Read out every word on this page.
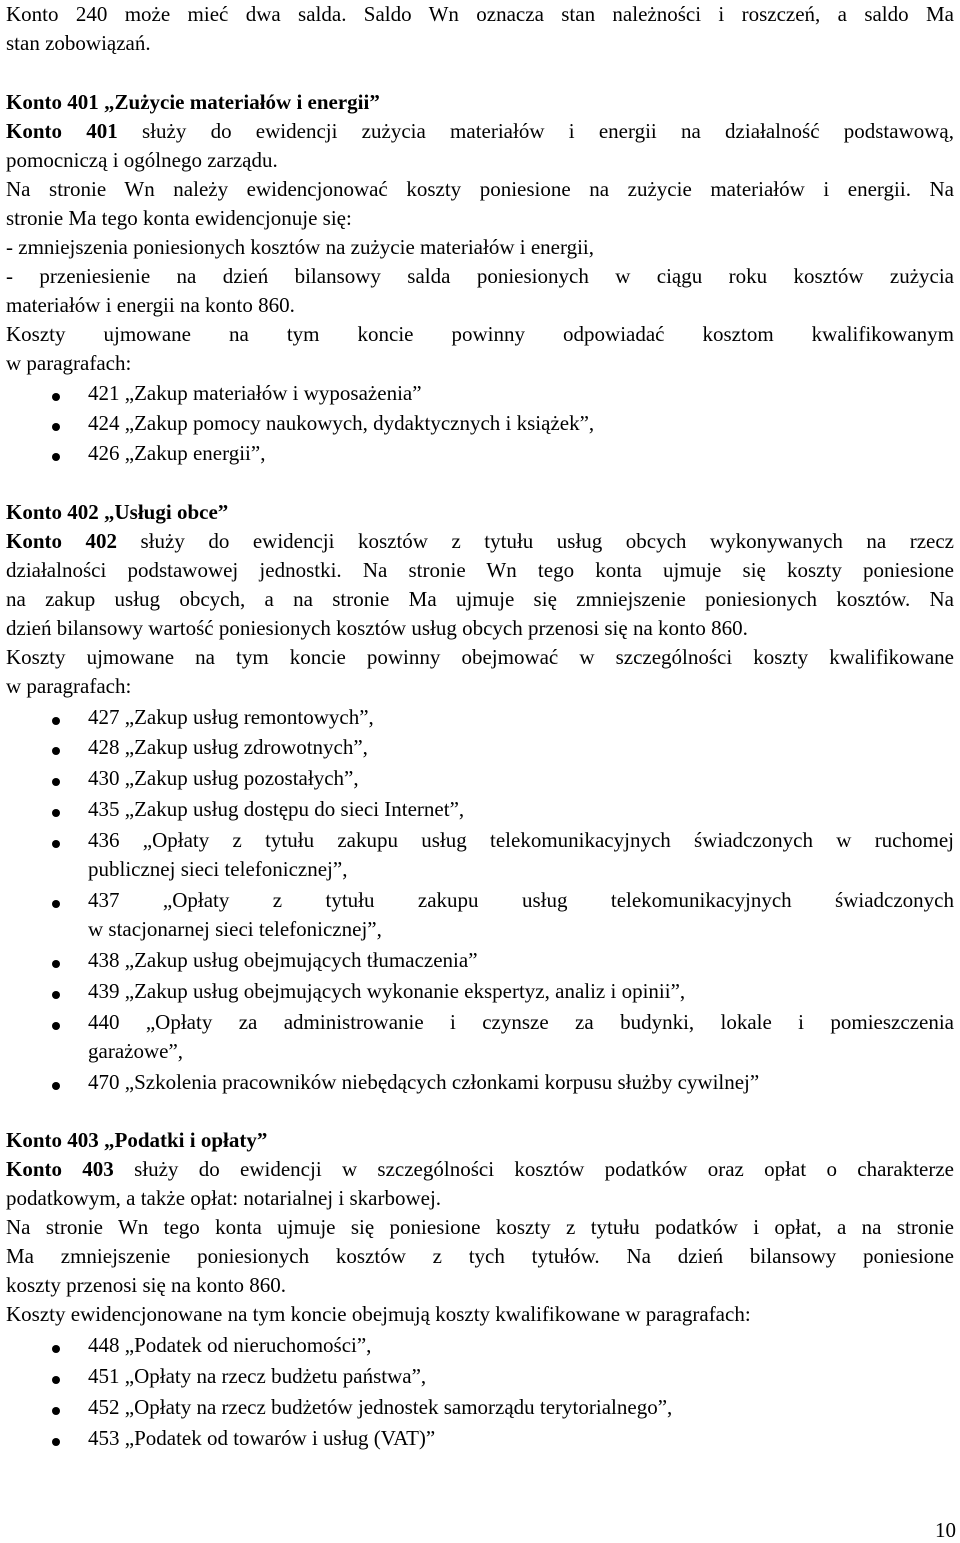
Konto 240 może mieć dwa salda. Saldo Wn oznacza stan należności i roszczeń, a saldo Ma
stan zobowiązań.
Konto 401 „Zużycie materiałów i energii”
Konto 401 służy do ewidencji zużycia materiałów i energii na działalność podstawową,
pomocniczą i ogólnego zarządu.
Na stronie Wn należy ewidencjonować koszty poniesione na zużycie materiałów i energii. Na
stronie Ma tego konta ewidencjonuje się:
- zmniejszenia poniesionych kosztów na zużycie materiałów i energii,
- przeniesienie na dzień bilansowy salda poniesionych w ciągu roku kosztów zużycia
materiałów i energii na konto 860.
Koszty ujmowane na tym koncie powinny odpowiadać kosztom kwalifikowanym
w paragrafach:
421 „Zakup materiałów i wyposażenia”
424 „Zakup pomocy naukowych, dydaktycznych i książek”,
426 „Zakup energii”,
Konto 402 „Usługi obce”
Konto 402 służy do ewidencji kosztów z tytułu usług obcych wykonywanych na rzecz
działalności podstawowej jednostki. Na stronie Wn tego konta ujmuje się koszty poniesione
na zakup usług obcych, a na stronie Ma ujmuje się zmniejszenie poniesionych kosztów. Na
dzień bilansowy wartość poniesionych kosztów usług obcych przenosi się na konto 860.
Koszty ujmowane na tym koncie powinny obejmować w szczególności koszty kwalifikowane
w paragrafach:
427 „Zakup usług remontowych”,
428 „Zakup usług zdrowotnych”,
430 „Zakup usług pozostałych”,
435 „Zakup usług dostępu do sieci Internet”,
436 „Opłaty z tytułu zakupu usług telekomunikacyjnych świadczonych w ruchomej
publicznej sieci telefonicznej”,
437 „Opłaty z tytułu zakupu usług telekomunikacyjnych świadczonych
w stacjonarnej sieci telefonicznej”,
438 „Zakup usług obejmujących tłumaczenia”
439 „Zakup usług obejmujących wykonanie ekspertyz, analiz i opinii”,
440 „Opłaty za administrowanie i czynsze za budynki, lokale i pomieszczenia
garażowe”,
470 „Szkolenia pracowników niebędących członkami korpusu służby cywilnej”
Konto 403 „Podatki i opłaty”
Konto 403 służy do ewidencji w szczególności kosztów podatków oraz opłat o charakterze
podatkowym, a także opłat: notarialnej i skarbowej.
Na stronie Wn tego konta ujmuje się poniesione koszty z tytułu podatków i opłat, a na stronie
Ma zmniejszenie poniesionych kosztów z tych tytułów. Na dzień bilansowy poniesione
koszty przenosi się na konto 860.
Koszty ewidencjonowane na tym koncie obejmują koszty kwalifikowane w paragrafach:
448 „Podatek od nieruchomości”,
451 „Opłaty na rzecz budżetu państwa”,
452 „Opłaty na rzecz budżetów jednostek samorządu terytorialnego”,
453 „Podatek od towarów i usług (VAT)”
10
